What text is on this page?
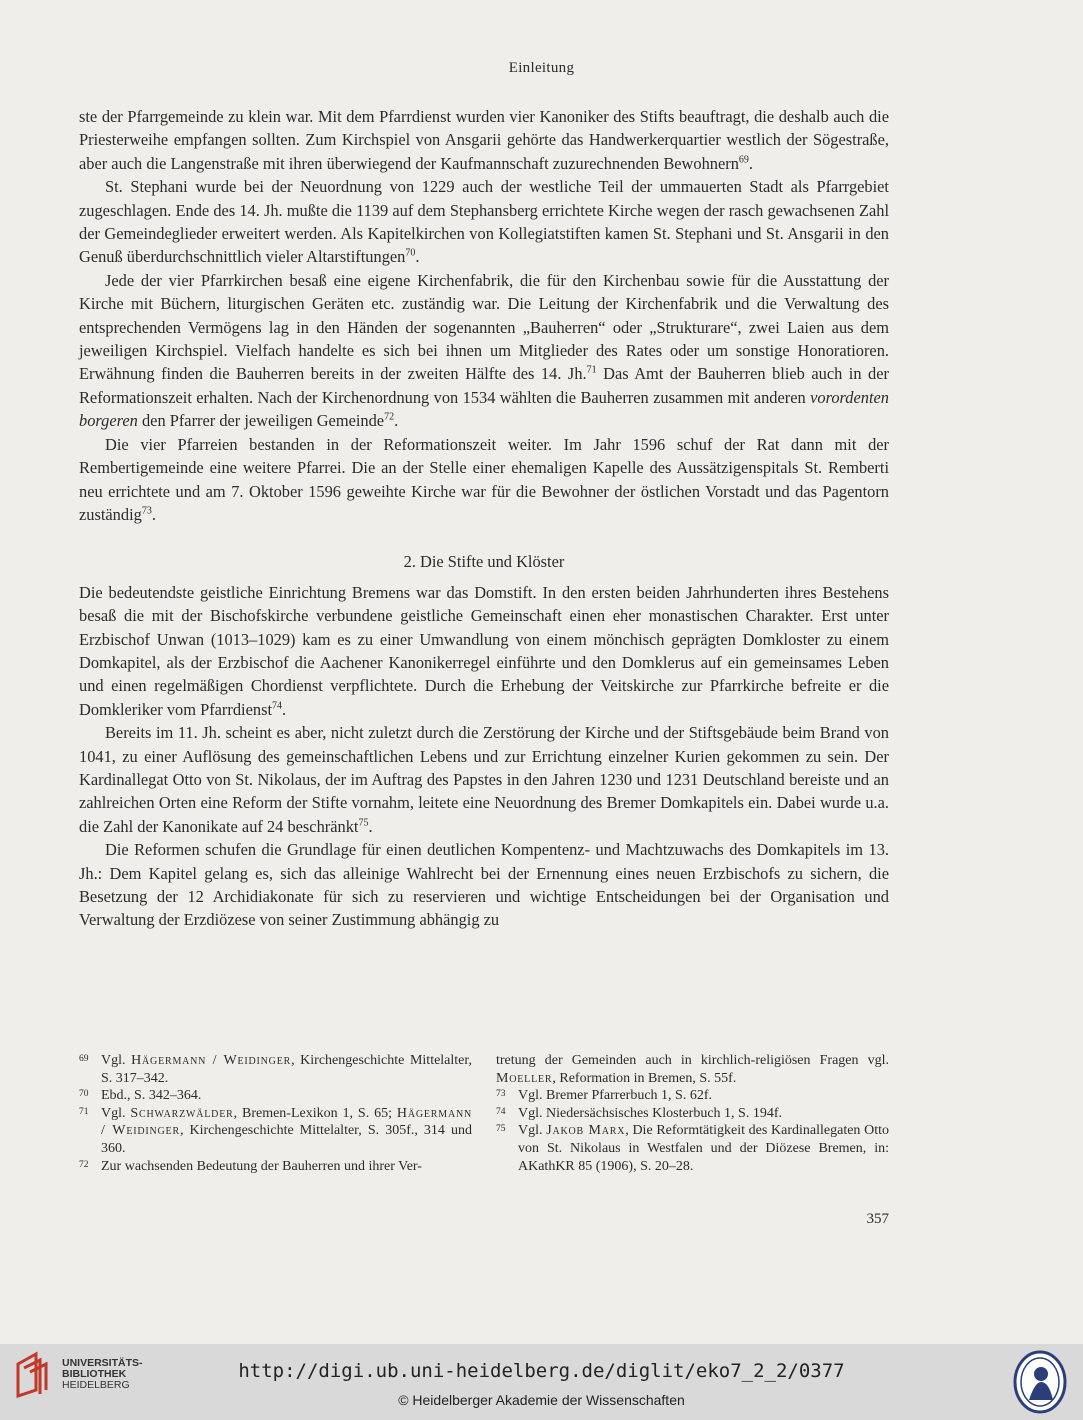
Einleitung

ste der Pfarrgemeinde zu klein war. Mit dem Pfarrdienst wurden vier Kanoniker des Stifts beauftragt, die deshalb auch die Priesterweihe empfangen sollten. Zum Kirchspiel von Ansgarii gehörte das Handwerkerquartier westlich der Sögestraße, aber auch die Langenstraße mit ihren überwiegend der Kaufmannschaft zuzurechnenden Bewohnern$^{69}$.

St. Stephani wurde bei der Neuordnung von 1229 auch der westliche Teil der ummauerten Stadt als Pfarrgebiet zugeschlagen. Ende des 14. Jh. mußte die 1139 auf dem Stephansberg errichtete Kirche wegen der rasch gewachsenen Zahl der Gemeindeglieder erweitert werden. Als Kapitelkirchen von Kollegiatstiften kamen St. Stephani und St. Ansgarii in den Genuß überdurchschnittlich vieler Altarstiftungen$^{70}$.

Jede der vier Pfarrkirchen besaß eine eigene Kirchenfabrik, die für den Kirchenbau sowie für die Ausstattung der Kirche mit Büchern, liturgischen Geräten etc. zuständig war. Die Leitung der Kirchenfabrik und die Verwaltung des entsprechenden Vermögens lag in den Händen der sogenannten „Bauherren“ oder „Strukturare“, zwei Laien aus dem jeweiligen Kirchspiel. Vielfach handelte es sich bei ihnen um Mitglieder des Rates oder um sonstige Honoratioren. Erwähnung finden die Bauherren bereits in der zweiten Hälfte des 14. Jh.$^{71}$ Das Amt der Bauherren blieb auch in der Reformationszeit erhalten. Nach der Kirchenordnung von 1534 wählten die Bauherren zusammen mit anderen vorordenten borgeren den Pfarrer der jeweiligen Gemeinde$^{72}$.

Die vier Pfarreien bestanden in der Reformationszeit weiter. Im Jahr 1596 schuf der Rat dann mit der Rembertigemeinde eine weitere Pfarrei. Die an der Stelle einer ehemaligen Kapelle des Aussätzigenspitals St. Remberti neu errichtete und am 7. Oktober 1596 geweihte Kirche war für die Bewohner der östlichen Vorstadt und das Pagentorn zuständig$^{73}$.

2. Die Stifte und Klöster

Die bedeutendste geistliche Einrichtung Bremens war das Domstift. In den ersten beiden Jahrhunderten ihres Bestehens besaß die mit der Bischofskirche verbundene geistliche Gemeinschaft einen eher monastischen Charakter. Erst unter Erzbischof Unwan (1013–1029) kam es zu einer Umwandlung von einem mönchisch geprägten Domkloster zu einem Domkapitel, als der Erzbischof die Aachener Kanonikerregel einführte und den Domklerus auf ein gemeinsames Leben und einen regelmäßigen Chordienst verpflichtete. Durch die Erhebung der Veitskirche zur Pfarrkirche befreite er die Domkleriker vom Pfarrdienst$^{74}$.

Bereits im 11. Jh. scheint es aber, nicht zuletzt durch die Zerstörung der Kirche und der Stiftsgebäude beim Brand von 1041, zu einer Auflösung des gemeinschaftlichen Lebens und zur Errichtung einzelner Kurien gekommen zu sein. Der Kardinallegat Otto von St. Nikolaus, der im Auftrag des Papstes in den Jahren 1230 und 1231 Deutschland bereiste und an zahlreichen Orten eine Reform der Stifte vornahm, leitete eine Neuordnung des Bremer Domkapitels ein. Dabei wurde u.a. die Zahl der Kanonikate auf 24 beschränkt$^{75}$.

Die Reformen schufen die Grundlage für einen deutlichen Kompentenz- und Machtzuwachs des Domkapitels im 13. Jh.: Dem Kapitel gelang es, sich das alleinige Wahlrecht bei der Ernennung eines neuen Erzbischofs zu sichern, die Besetzung der 12 Archidiakonate für sich zu reservieren und wichtige Entscheidungen bei der Organisation und Verwaltung der Erzdiözese von seiner Zustimmung abhängig zu

69 Vgl. Hägermann / Weidinger, Kirchengeschichte Mittelalter, S. 317–342.
70 Ebd., S. 342–364.
71 Vgl. Schwarzwälder, Bremen-Lexikon 1, S. 65; Hägermann / Weidinger, Kirchengeschichte Mittelalter, S. 305f., 314 und 360.
72 Zur wachsenden Bedeutung der Bauherren und ihrer Ver-
tretung der Gemeinden auch in kirchlich-religiösen Fragen vgl. Moeller, Reformation in Bremen, S. 55f.
73 Vgl. Bremer Pfarrerbuch 1, S. 62f.
74 Vgl. Niedersächsisches Klosterbuch 1, S. 194f.
75 Vgl. Jakob Marx, Die Reformtätigkeit des Kardinallegaten Otto von St. Nikolaus in Westfalen und der Diözese Bremen, in: AKathKR 85 (1906), S. 20–28.
357
UNIVERSITÄTS-
BIBLIOTHEK
HEIDELBERG
http://digi.ub.uni-heidelberg.de/diglit/eko7_2_2/0377
© Heidelberger Akademie der Wissenschaften
